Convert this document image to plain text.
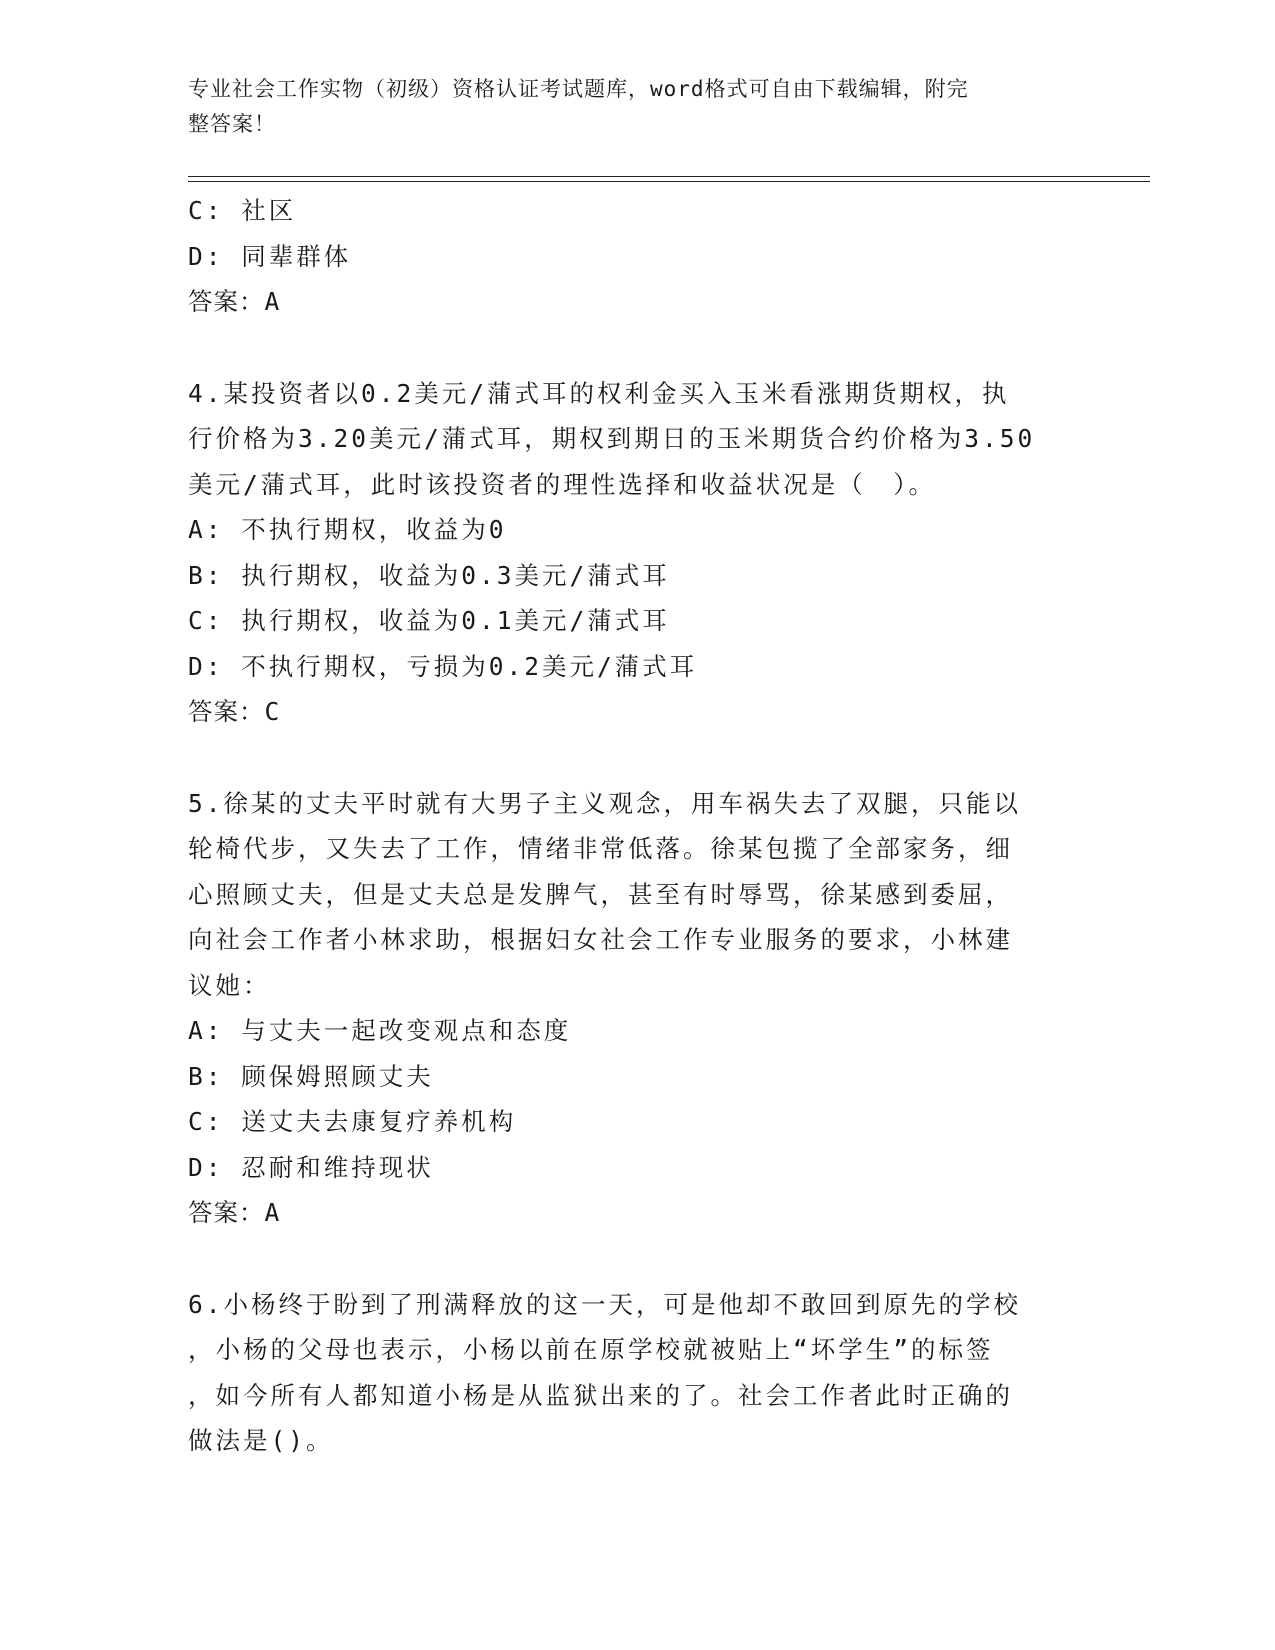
专业社会工作实物（初级）资格认证考试题库，word格式可自由下载编辑，附完
整答案！
C: 社区
D: 同辈群体
答案：A
4.某投资者以0.2美元/蒲式耳的权利金买入玉米看涨期货期权，执
行价格为3.20美元/蒲式耳，期权到期日的玉米期货合约价格为3.50
美元/蒲式耳，此时该投资者的理性选择和收益状况是（　）。
A: 不执行期权，收益为0
B: 执行期权，收益为0.3美元/蒲式耳
C: 执行期权，收益为0.1美元/蒲式耳
D: 不执行期权，亏损为0.2美元/蒲式耳
答案：C
5.徐某的丈夫平时就有大男子主义观念，用车祸失去了双腿，只能以
轮椅代步，又失去了工作，情绪非常低落。徐某包揽了全部家务，细
心照顾丈夫，但是丈夫总是发脾气，甚至有时辱骂，徐某感到委屈，
向社会工作者小林求助，根据妇女社会工作专业服务的要求，小林建
议她：
A: 与丈夫一起改变观点和态度
B: 顾保姆照顾丈夫
C: 送丈夫去康复疗养机构
D: 忍耐和维持现状
答案：A
6.小杨终于盼到了刑满释放的这一天，可是他却不敢回到原先的学校
，小杨的父母也表示，小杨以前在原学校就被贴上“坏学生”的标签
，如今所有人都知道小杨是从监狱出来的了。社会工作者此时正确的
做法是()。
